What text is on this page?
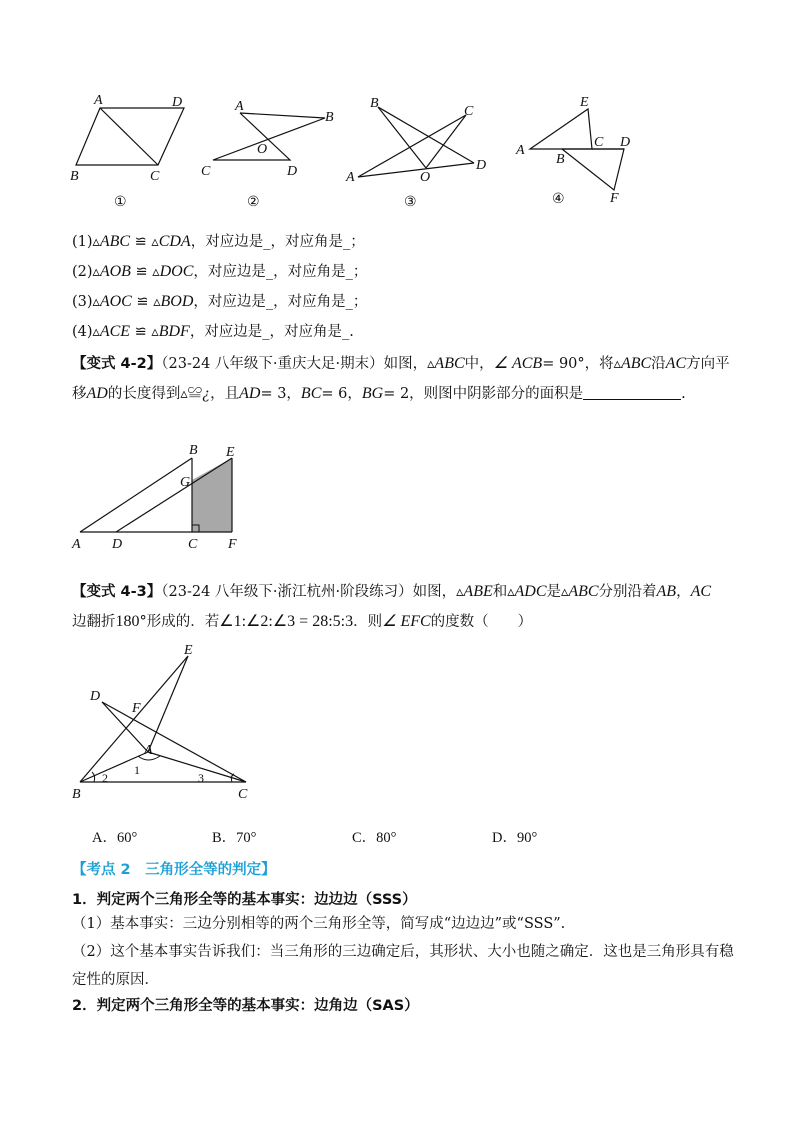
A	D
B	C
①
A
B
O
C	D
②
B
C
D
A	O
③
E
A
C D
B
F
④
(1)▵ABC ≌ ▵CDA，对应边是_，对应角是_；
(2)▵AOB ≌ ▵DOC，对应边是_，对应角是_；
(3)▵AOC ≌ ▵BOD，对应边是_，对应角是_；
(4)▵ACE ≌ ▵BDF，对应边是_，对应角是_.
【变式 4-2】（23-24 八年级下·重庆大足·期末）如图，▵ABC中，∠ ACB= 90°，将▵ABC沿AC方向平
移AD的长度得到▵≌¿，且AD= 3，BC= 6，BG= 2，则图中阴影部分的面积是	.
B E
G
A D	C F
【变式 4-3】（23-24 八年级下·浙江杭州·阶段练习）如图，▵ABE和▵ADC是▵ABC分别沿着AB，AC
边翻折180°形成的．若∠1:∠2:∠3 = 28:5:3．则∠ EFC的度数（　　）
E
D
F
A
1
2	3
B	C
A．60°	B．70°	C．80°	D．90°
【考点 2　三角形全等的判定】
1．判定两个三角形全等的基本事实：边边边（SSS）
（1）基本事实：三边分别相等的两个三角形全等，简写成“边边边”或“SSS”.
（2）这个基本事实告诉我们：当三角形的三边确定后，其形状、大小也随之确定．这也是三角形具有稳
定性的原因．
2．判定两个三角形全等的基本事实：边角边（SAS）
